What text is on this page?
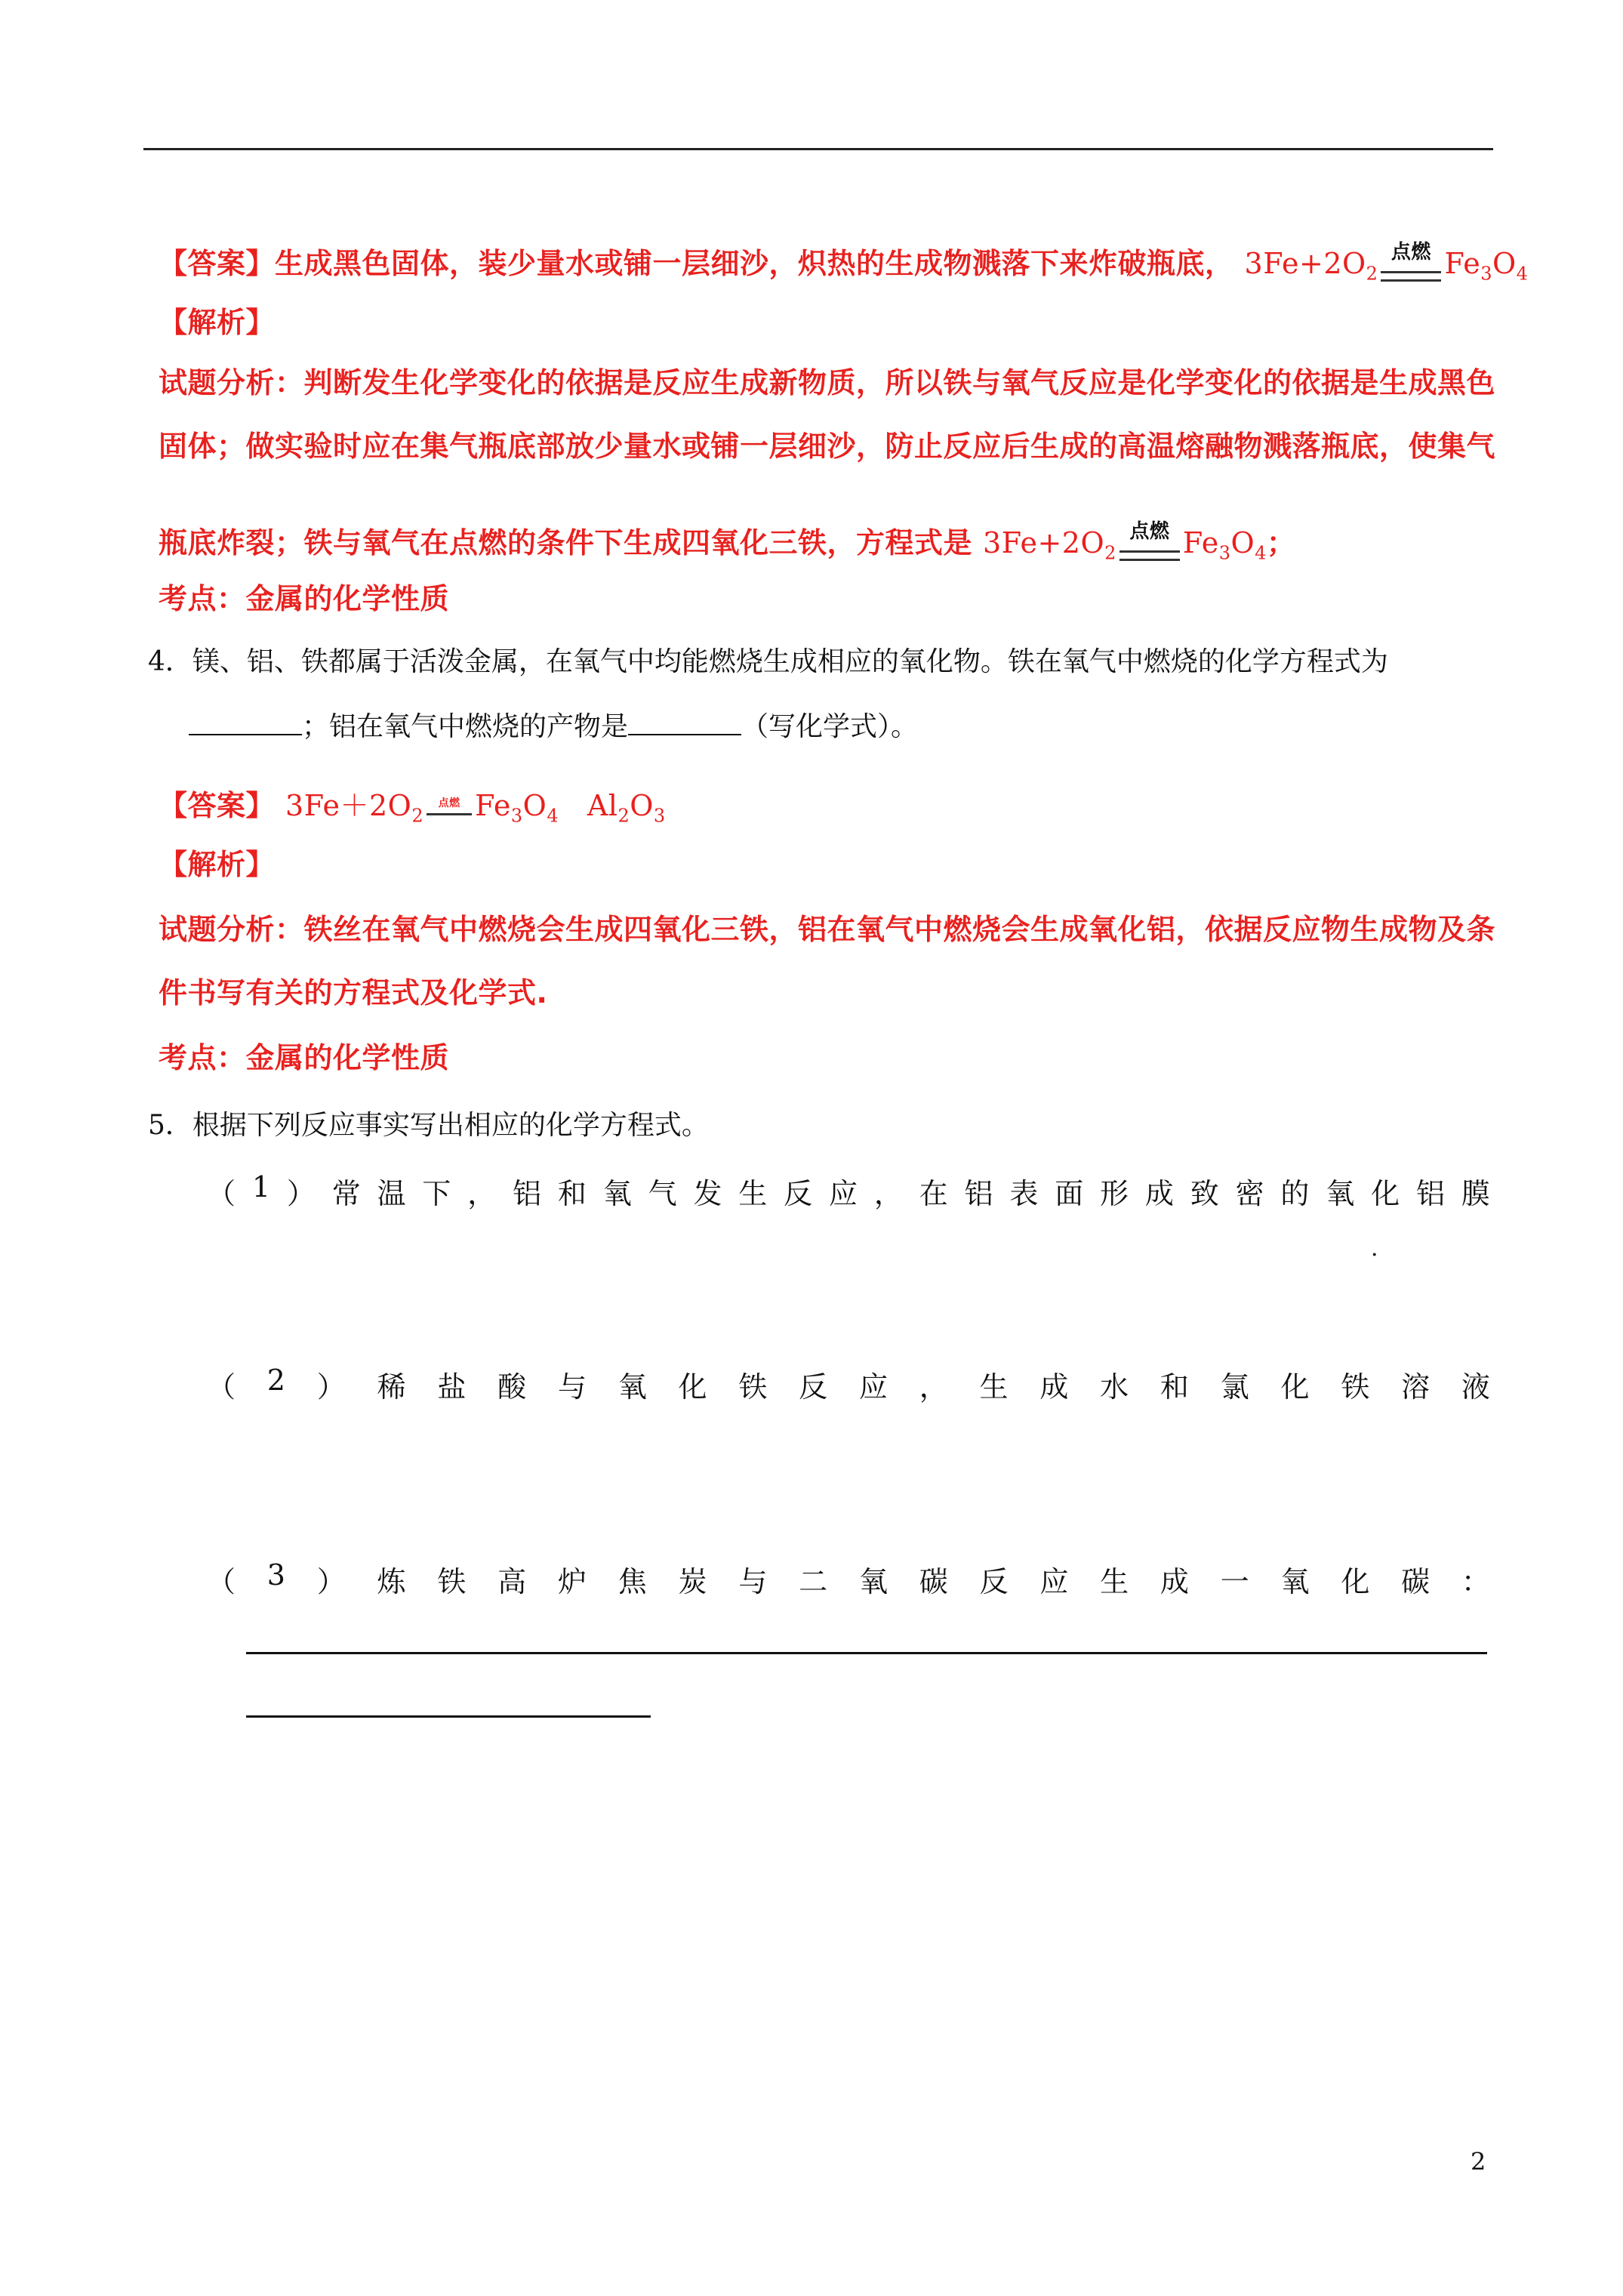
【答案】生成黑色固体，装少量水或铺一层细沙，炽热的生成物溅落下来炸破瓶底， $3Fe+2O_2$
点燃 $Fe_3O_4$
【解析】
试题分析：判断发生化学变化的依据是反应生成新物质，所以铁与氧气反应是化学变化的依据是生成黑色
固体；做实验时应在集气瓶底部放少量水或铺一层细沙，防止反应后生成的高温熔融物溅落瓶底，使集气
瓶底炸裂；铁与氧气在点燃的条件下生成四氧化三铁，方程式是 $3Fe+2O_2$
点燃 $Fe_3O_4$；
考点：金属的化学性质
4．镁、铝、铁都属于活泼金属，在氧气中均能燃烧生成相应的氧化物。铁在氧气中燃烧的化学方程式为
；铝在氧气中燃烧的产物是	（写化学式）。
【答案】 $3Fe+2O_2$
点燃 $Fe_3O_4$ $Al_2O_3$
【解析】
试题分析：铁丝在氧气中燃烧会生成四氧化三铁，铝在氧气中燃烧会生成氧化铝，依据反应物生成物及条
件书写有关的方程式及化学式.
考点：金属的化学性质
5．根据下列反应事实写出相应的化学方程式。
（ 1 ） 常 温 下 ， 铝 和 氧 气 发 生 反 应 ， 在 铝 表 面 形 成 致 密 的 氧 化 铝 膜
.
（ 2 ） 稀 盐 酸 与 氧 化 铁 反 应 ， 生 成 水 和 氯 化 铁 溶 液
（ 3 ） 炼 铁 高 炉 焦 炭 与 二 氧 碳 反 应 生 成 一 氧 化 碳 ：
2
